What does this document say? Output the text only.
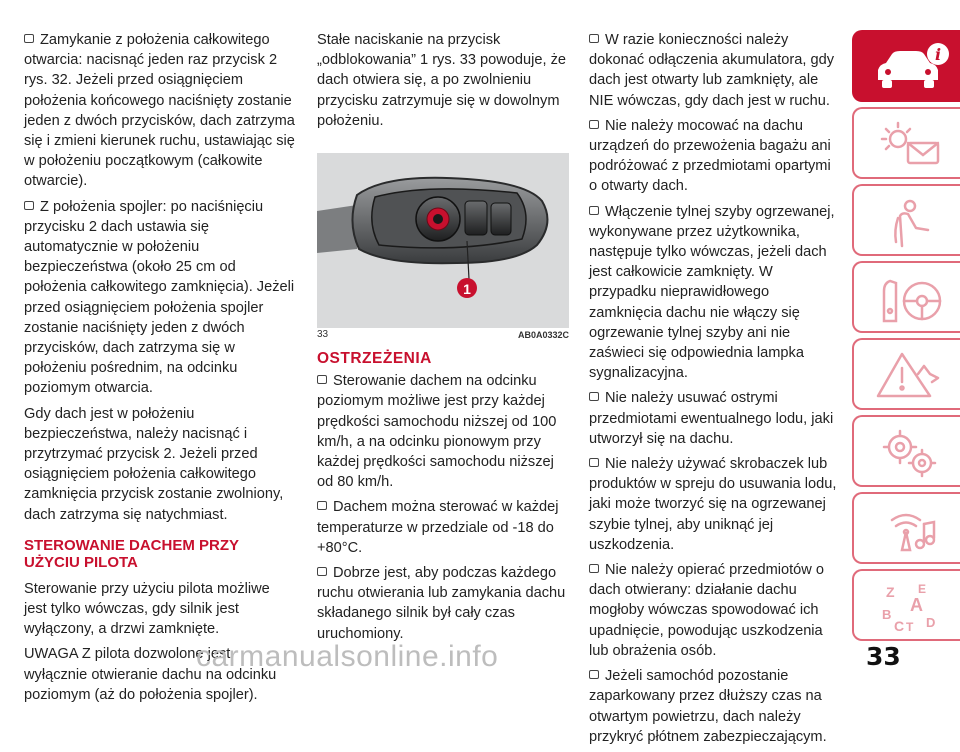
Zamykanie z położenia całkowitego otwarcia: nacisnąć jeden raz przycisk 2 rys. 32. Jeżeli przed osiągnięciem położenia końcowego naciśnięty zostanie jeden z dwóch przycisków, dach zatrzyma się i zmieni kierunek ruchu, ustawiając się w położeniu początkowym (całkowite otwarcie).

Z położenia spojler: po naciśnięciu przycisku 2 dach ustawia się automatycznie w położeniu bezpieczeństwa (około 25 cm od położenia całkowitego zamknięcia). Jeżeli przed osiągnięciem położenia spojler zostanie naciśnięty jeden z dwóch przycisków, dach zatrzyma się w położeniu pośrednim, na odcinku poziomym otwarcia.

Gdy dach jest w położeniu bezpieczeństwa, należy nacisnąć i przytrzymać przycisk 2. Jeżeli przed osiągnięciem położenia całkowitego zamknięcia przycisk zostanie zwolniony, dach zatrzyma się natychmiast.

STEROWANIE DACHEM PRZY UŻYCIU PILOTA

Sterowanie przy użyciu pilota możliwe jest tylko wówczas, gdy silnik jest wyłączony, a drzwi zamknięte.

UWAGA Z pilota dozwolone jest wyłącznie otwieranie dachu na odcinku poziomym (aż do położenia spojler).

Stałe naciskanie na przycisk „odblokowania” 1 rys. 33 powoduje, że dach otwiera się, a po zwolnieniu przycisku zatrzymuje się w dowolnym położeniu.

1
33	AB0A0332C
OSTRZEŻENIA

Sterowanie dachem na odcinku poziomym możliwe jest przy każdej prędkości samochodu niższej od 100 km/h, a na odcinku pionowym przy każdej prędkości samochodu niższej od 80 km/h.

Dachem można sterować w każdej temperaturze w przedziale od -18 do +80°C.

Dobrze jest, aby podczas każdego ruchu otwierania lub zamykania dachu składanego silnik był cały czas uruchomiony.

W razie konieczności należy dokonać odłączenia akumulatora, gdy dach jest otwarty lub zamknięty, ale NIE wówczas, gdy dach jest w ruchu.

Nie należy mocować na dachu urządzeń do przewożenia bagażu ani podróżować z przedmiotami opartymi o otwarty dach.

Włączenie tylnej szyby ogrzewanej, wykonywane przez użytkownika, następuje tylko wówczas, jeżeli dach jest całkowicie zamknięty. W przypadku nieprawidłowego zamknięcia dachu nie włączy się ogrzewanie tylnej szyby ani nie zaświeci się odpowiednia lampka sygnalizacyjna.

Nie należy usuwać ostrymi przedmiotami ewentualnego lodu, jaki utworzył się na dachu.

Nie należy używać skrobaczek lub produktów w spreju do usuwania lodu, jaki może tworzyć się na ogrzewanej szybie tylnej, aby uniknąć jej uszkodzenia.

Nie należy opierać przedmiotów o dach otwierany: działanie dachu mogłoby wówczas spowodować ich upadnięcie, powodując uszkodzenia lub obrażenia osób.

Jeżeli samochód pozostanie zaparkowany przez dłuższy czas na otwartym powietrzu, dach należy przykryć płótnem zabezpieczającym.

i
Z E
A
B
C T D
33
carmanualsonline.info
